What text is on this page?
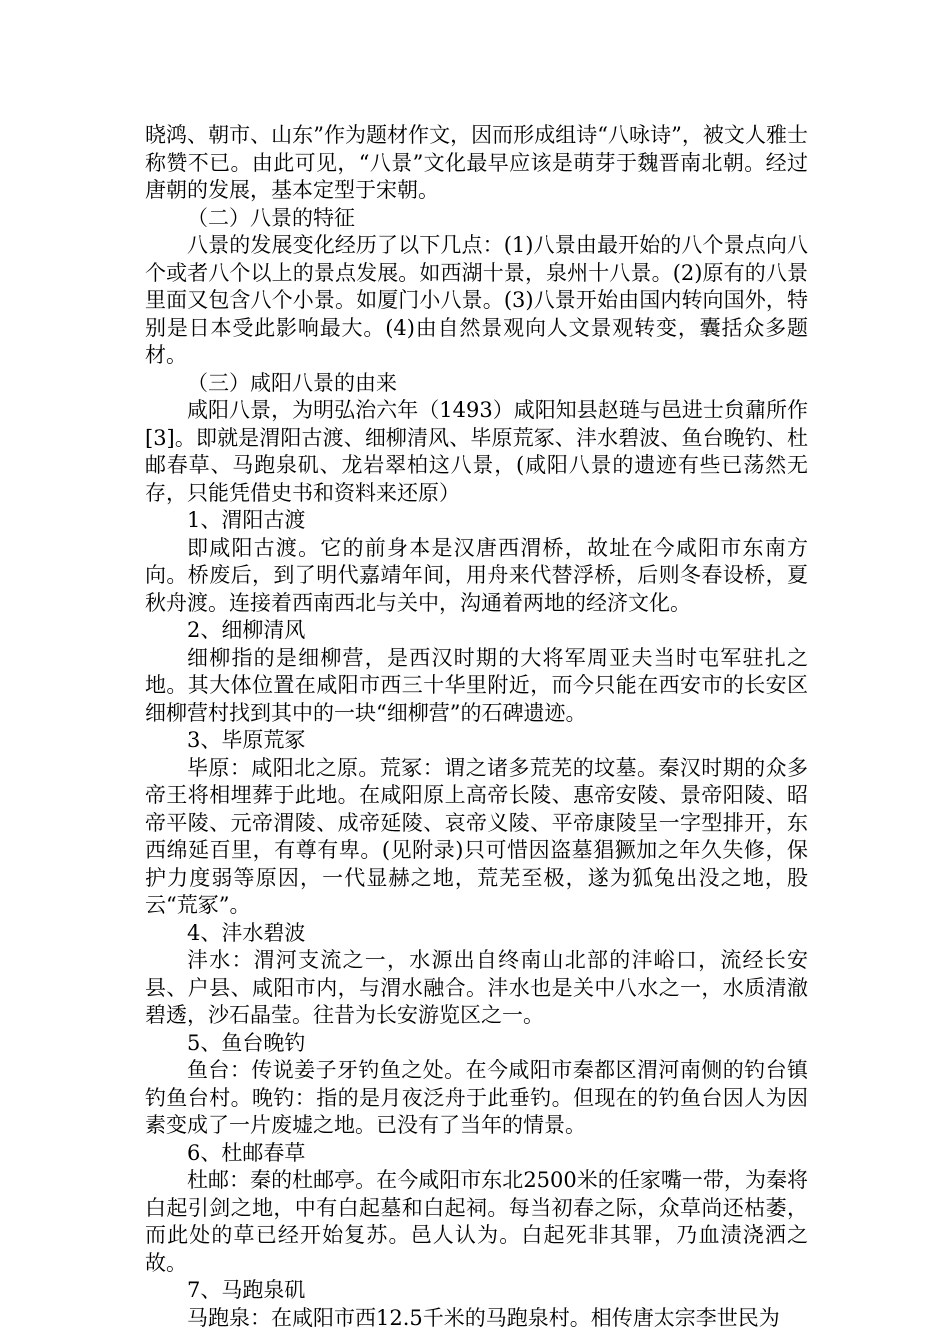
晓鸿、朝市、山东”作为题材作文，因而形成组诗“八咏诗”，被文人雅士称赞不已。由此可见，“八景”文化最早应该是萌芽于魏晋南北朝。经过唐朝的发展，基本定型于宋朝。

（二）八景的特征

八景的发展变化经历了以下几点：(1)八景由最开始的八个景点向八个或者八个以上的景点发展。如西湖十景，泉州十八景。(2)原有的八景里面又包含八个小景。如厦门小八景。(3)八景开始由国内转向国外，特别是日本受此影响最大。(4)由自然景观向人文景观转变，囊括众多题材。

（三）咸阳八景的由来

咸阳八景，为明弘治六年（1493）咸阳知县赵琏与邑进士贠鼐所作[3]。即就是渭阳古渡、细柳清风、毕原荒冢、沣水碧波、鱼台晚钓、杜邮春草、马跑泉矶、龙岩翠柏这八景，(咸阳八景的遗迹有些已荡然无存，只能凭借史书和资料来还原）

1、渭阳古渡

即咸阳古渡。它的前身本是汉唐西渭桥，故址在今咸阳市东南方向。桥废后，到了明代嘉靖年间，用舟来代替浮桥，后则冬春设桥，夏秋舟渡。连接着西南西北与关中，沟通着两地的经济文化。

2、细柳清风

细柳指的是细柳营，是西汉时期的大将军周亚夫当时屯军驻扎之地。其大体位置在咸阳市西三十华里附近，而今只能在西安市的长安区细柳营村找到其中的一块“细柳营”的石碑遗迹。

3、毕原荒冢

毕原：咸阳北之原。荒冢：谓之诸多荒芜的坟墓。秦汉时期的众多帝王将相埋葬于此地。在咸阳原上高帝长陵、惠帝安陵、景帝阳陵、昭帝平陵、元帝渭陵、成帝延陵、哀帝义陵、平帝康陵呈一字型排开，东西绵延百里，有尊有卑。(见附录)只可惜因盗墓猖獗加之年久失修，保护力度弱等原因，一代显赫之地，荒芜至极，遂为狐兔出没之地，股云“荒冢”。

4、沣水碧波

沣水：渭河支流之一，水源出自终南山北部的沣峪口，流经长安县、户县、咸阳市内，与渭水融合。沣水也是关中八水之一，水质清澈碧透，沙石晶莹。往昔为长安游览区之一。

5、鱼台晚钓

鱼台：传说姜子牙钓鱼之处。在今咸阳市秦都区渭河南侧的钓台镇钓鱼台村。晚钓：指的是月夜泛舟于此垂钓。但现在的钓鱼台因人为因素变成了一片废墟之地。已没有了当年的情景。

6、杜邮春草

杜邮：秦的杜邮亭。在今咸阳市东北2500米的任家嘴一带，为秦将白起引剑之地，中有白起墓和白起祠。每当初春之际，众草尚还枯萎，而此处的草已经开始复苏。邑人认为。白起死非其罪，乃血渍浇洒之故。

7、马跑泉矶

马跑泉：在咸阳市西12.5千米的马跑泉村。相传唐太宗李世民为
